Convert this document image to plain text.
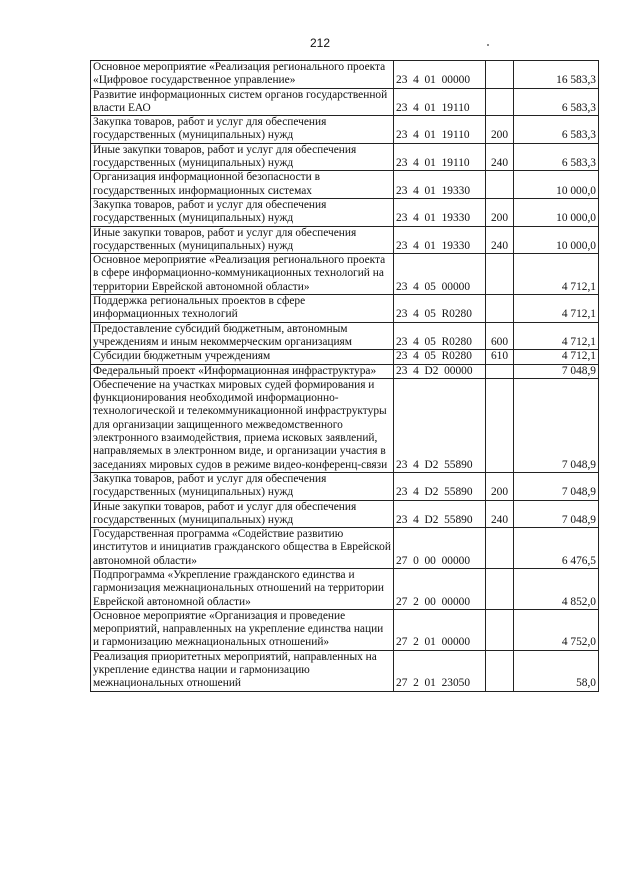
212
Основное мероприятие «Реализация регионального проекта «Цифровое государственное управление»	23  4  01  00000		16 583,3
Развитие информационных систем органов государственной власти ЕАО	23  4  01  19110		6 583,3
Закупка товаров, работ и услуг для обеспечения государственных (муниципальных) нужд	23  4  01  19110	200	6 583,3
Иные закупки товаров, работ и услуг для обеспечения государственных (муниципальных) нужд	23  4  01  19110	240	6 583,3
Организация информационной безопасности в государственных информационных системах	23  4  01  19330		10 000,0
Закупка товаров, работ и услуг для обеспечения государственных (муниципальных) нужд	23  4  01  19330	200	10 000,0
Иные закупки товаров, работ и услуг для обеспечения государственных (муниципальных) нужд	23  4  01  19330	240	10 000,0
Основное мероприятие «Реализация регионального проекта в сфере информационно-коммуникационных технологий на территории Еврейской автономной области»	23  4  05  00000		4 712,1
Поддержка региональных проектов в сфере информационных технологий	23  4  05  R0280		4 712,1
Предоставление субсидий бюджетным, автономным учреждениям и иным некоммерческим организациям	23  4  05  R0280	600	4 712,1
Субсидии бюджетным учреждениям	23  4  05  R0280	610	4 712,1
Федеральный проект «Информационная инфраструктура»	23  4  D2  00000		7 048,9
Обеспечение на участках мировых судей формирования и функционирования необходимой информационно-технологической и телекоммуникационной инфраструктуры для организации защищенного межведомственного электронного взаимодействия, приема исковых заявлений, направляемых в электронном виде, и организации участия в заседаниях мировых судов в режиме видео-конференц-связи	23  4  D2  55890		7 048,9
Закупка товаров, работ и услуг для обеспечения государственных (муниципальных) нужд	23  4  D2  55890	200	7 048,9
Иные закупки товаров, работ и услуг для обеспечения государственных (муниципальных) нужд	23  4  D2  55890	240	7 048,9
Государственная программа «Содействие развитию институтов и инициатив гражданского общества в Еврейской автономной области»	27  0  00  00000		6 476,5
Подпрограмма «Укрепление гражданского единства и гармонизация межнациональных отношений на территории Еврейской автономной области»	27  2  00  00000		4 852,0
Основное мероприятие «Организация и проведение мероприятий, направленных на укрепление единства нации и гармонизацию межнациональных отношений»	27  2  01  00000		4 752,0
Реализация приоритетных мероприятий, направленных на укрепление единства нации и гармонизацию межнациональных отношений	27  2  01  23050		58,0
